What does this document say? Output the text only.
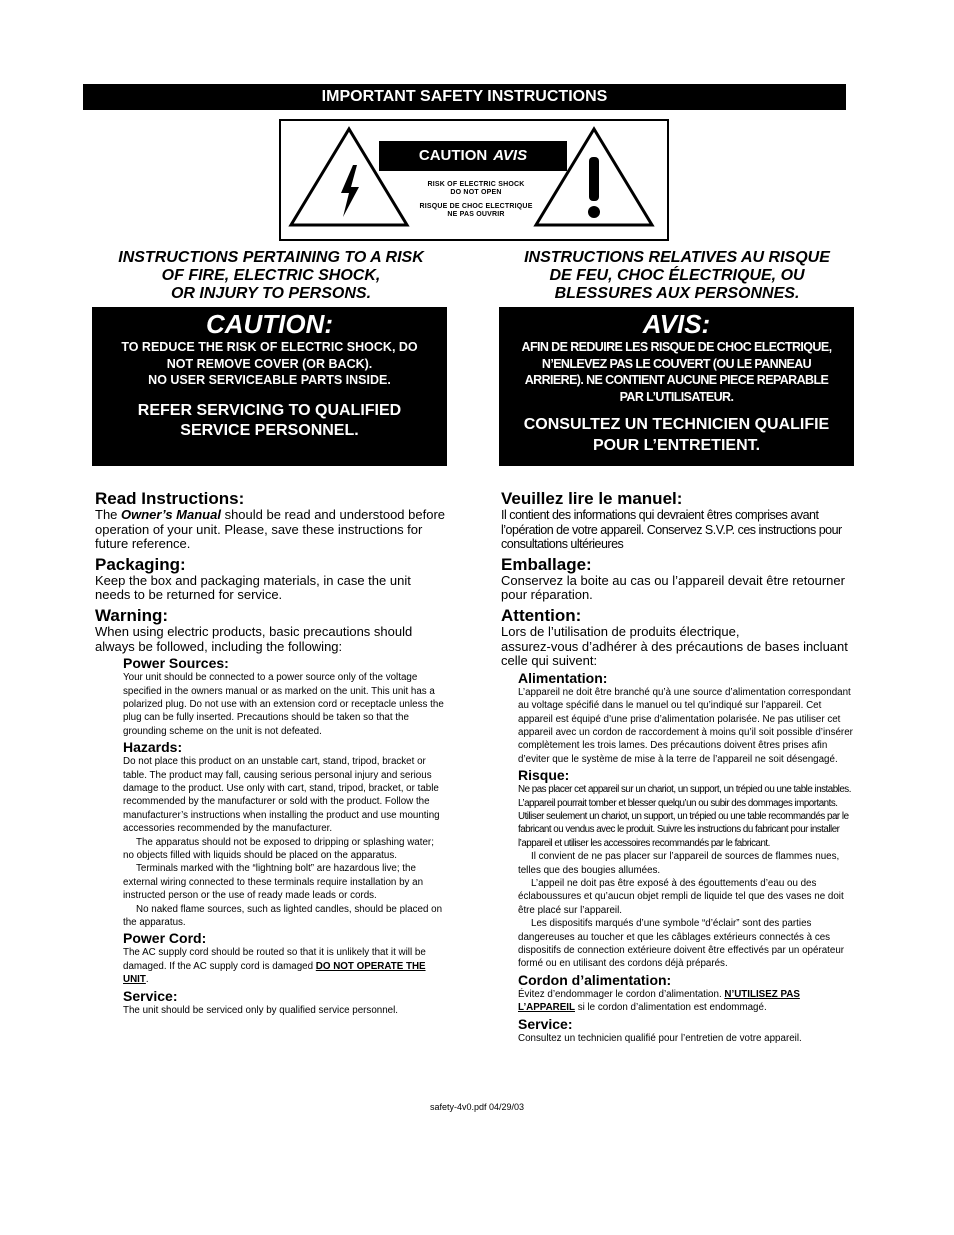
IMPORTANT SAFETY INSTRUCTIONS
CAUTION AVIS
RISK OF ELECTRIC SHOCK
DO NOT OPEN
RISQUE DE CHOC ELECTRIQUE
NE PAS OUVRIR
INSTRUCTIONS PERTAINING TO A RISK
OF FIRE, ELECTRIC SHOCK,
OR INJURY TO PERSONS.
INSTRUCTIONS RELATIVES AU RISQUE
DE FEU, CHOC ÉLECTRIQUE, OU
BLESSURES AUX PERSONNES.
CAUTION:
TO REDUCE THE RISK OF ELECTRIC SHOCK, DO
NOT REMOVE COVER (OR BACK).
NO USER SERVICEABLE PARTS INSIDE.
REFER SERVICING TO QUALIFIED
SERVICE PERSONNEL.
AVIS:
AFIN DE REDUIRE LES RISQUE DE CHOC ELECTRIQUE,
N’ENLEVEZ PAS LE COUVERT (OU LE PANNEAU
ARRIERE). NE CONTIENT AUCUNE PIECE REPARABLE
PAR L’UTILISATEUR.
CONSULTEZ UN TECHNICIEN QUALIFIE
POUR L’ENTRETIENT.
Read Instructions:

The Owner’s Manual should be read and understood before operation of your unit. Please, save these instructions for future reference.

Packaging:

Keep the box and packaging materials, in case the unit needs to be returned for service.

Warning:

When using electric products, basic precautions should always be followed, including the following:

Power Sources:

Your unit should be connected to a power source only of the voltage specified in the owners manual or as marked on the unit. This unit has a polarized plug. Do not use with an extension cord or receptacle unless the plug can be fully inserted. Precautions should be taken so that the grounding scheme on the unit is not defeated.

Hazards:

Do not place this product on an unstable cart, stand, tripod, bracket or table. The product may fall, causing serious personal injury and serious damage to the product. Use only with cart, stand, tripod, bracket, or table recommended by the manufacturer or sold with the product. Follow the manufacturer’s instructions when installing the product and use mounting accessories recommended by the manufacturer.

The apparatus should not be exposed to dripping or splashing water; no objects filled with liquids should be placed on the apparatus.

Terminals marked with the “lightning bolt” are hazardous live; the external wiring connected to these terminals require installation by an instructed person or the use of ready made leads or cords.

No naked flame sources, such as lighted candles, should be placed on the apparatus.

Power Cord:

The AC supply cord should be routed so that it is unlikely that it will be damaged. If the AC supply cord is damaged DO NOT OPERATE THE UNIT.

Service:

The unit should be serviced only by qualified service personnel.

Veuillez lire le manuel:

Il contient des informations qui devraient êtres comprises avant l’opération de votre appareil. Conservez S.V.P. ces instructions pour consultations ultérieures

Emballage:

Conservez la boite au cas ou l’appareil devait être retourner pour réparation.

Attention:

Lors de l’utilisation de produits électrique,

assurez-vous d’adhérer à des précautions de bases incluant celle qui suivent:

Alimentation:

L’appareil ne doit être branché qu’à une source d’alimentation correspondant au voltage spécifié dans le manuel ou tel qu’indiqué sur l’appareil. Cet appareil est équipé d’une prise d’alimentation polarisée. Ne pas utiliser cet appareil avec un cordon de raccordement à moins qu’il soit possible d’insérer complètement les trois lames. Des précautions doivent êtres prises afin d’eviter que le système de mise à la terre de l’appareil ne soit désengagé.

Risque:

Ne pas placer cet appareil sur un chariot, un support, un trépied ou une table instables. L’appareil pourrait tomber et blesser quelqu’un ou subir des dommages importants. Utiliser seulement un chariot, un support, un trépied ou une table recommandés par le fabricant ou vendus avec le produit. Suivre les instructions du fabricant pour installer l’appareil et utiliser les accessoires recommandés par le fabricant.

Il convient de ne pas placer sur l’appareil de sources de flammes nues, telles que des bougies allumées.

L’appeil ne doit pas être exposé à des égouttements d’eau ou des éclaboussures et qu’aucun objet rempli de liquide tel que des vases ne doit être placé sur l’appareil.

Les dispositifs marqués d’une symbole “d’éclair” sont des parties dangereuses au toucher et que les câblages extérieurs connectés à ces dispositifs de connection extérieure doivent être effectivés par un opérateur formé ou en utilisant des cordons déjà préparés.

Cordon d’alimentation:

Évitez d’endommager le cordon d’alimentation. N’UTILISEZ PAS L’APPAREIL si le cordon d’alimentation est endommagé.

Service:

Consultez un technicien qualifié pour l’entretien de votre appareil.

safety-4v0.pdf 04/29/03
